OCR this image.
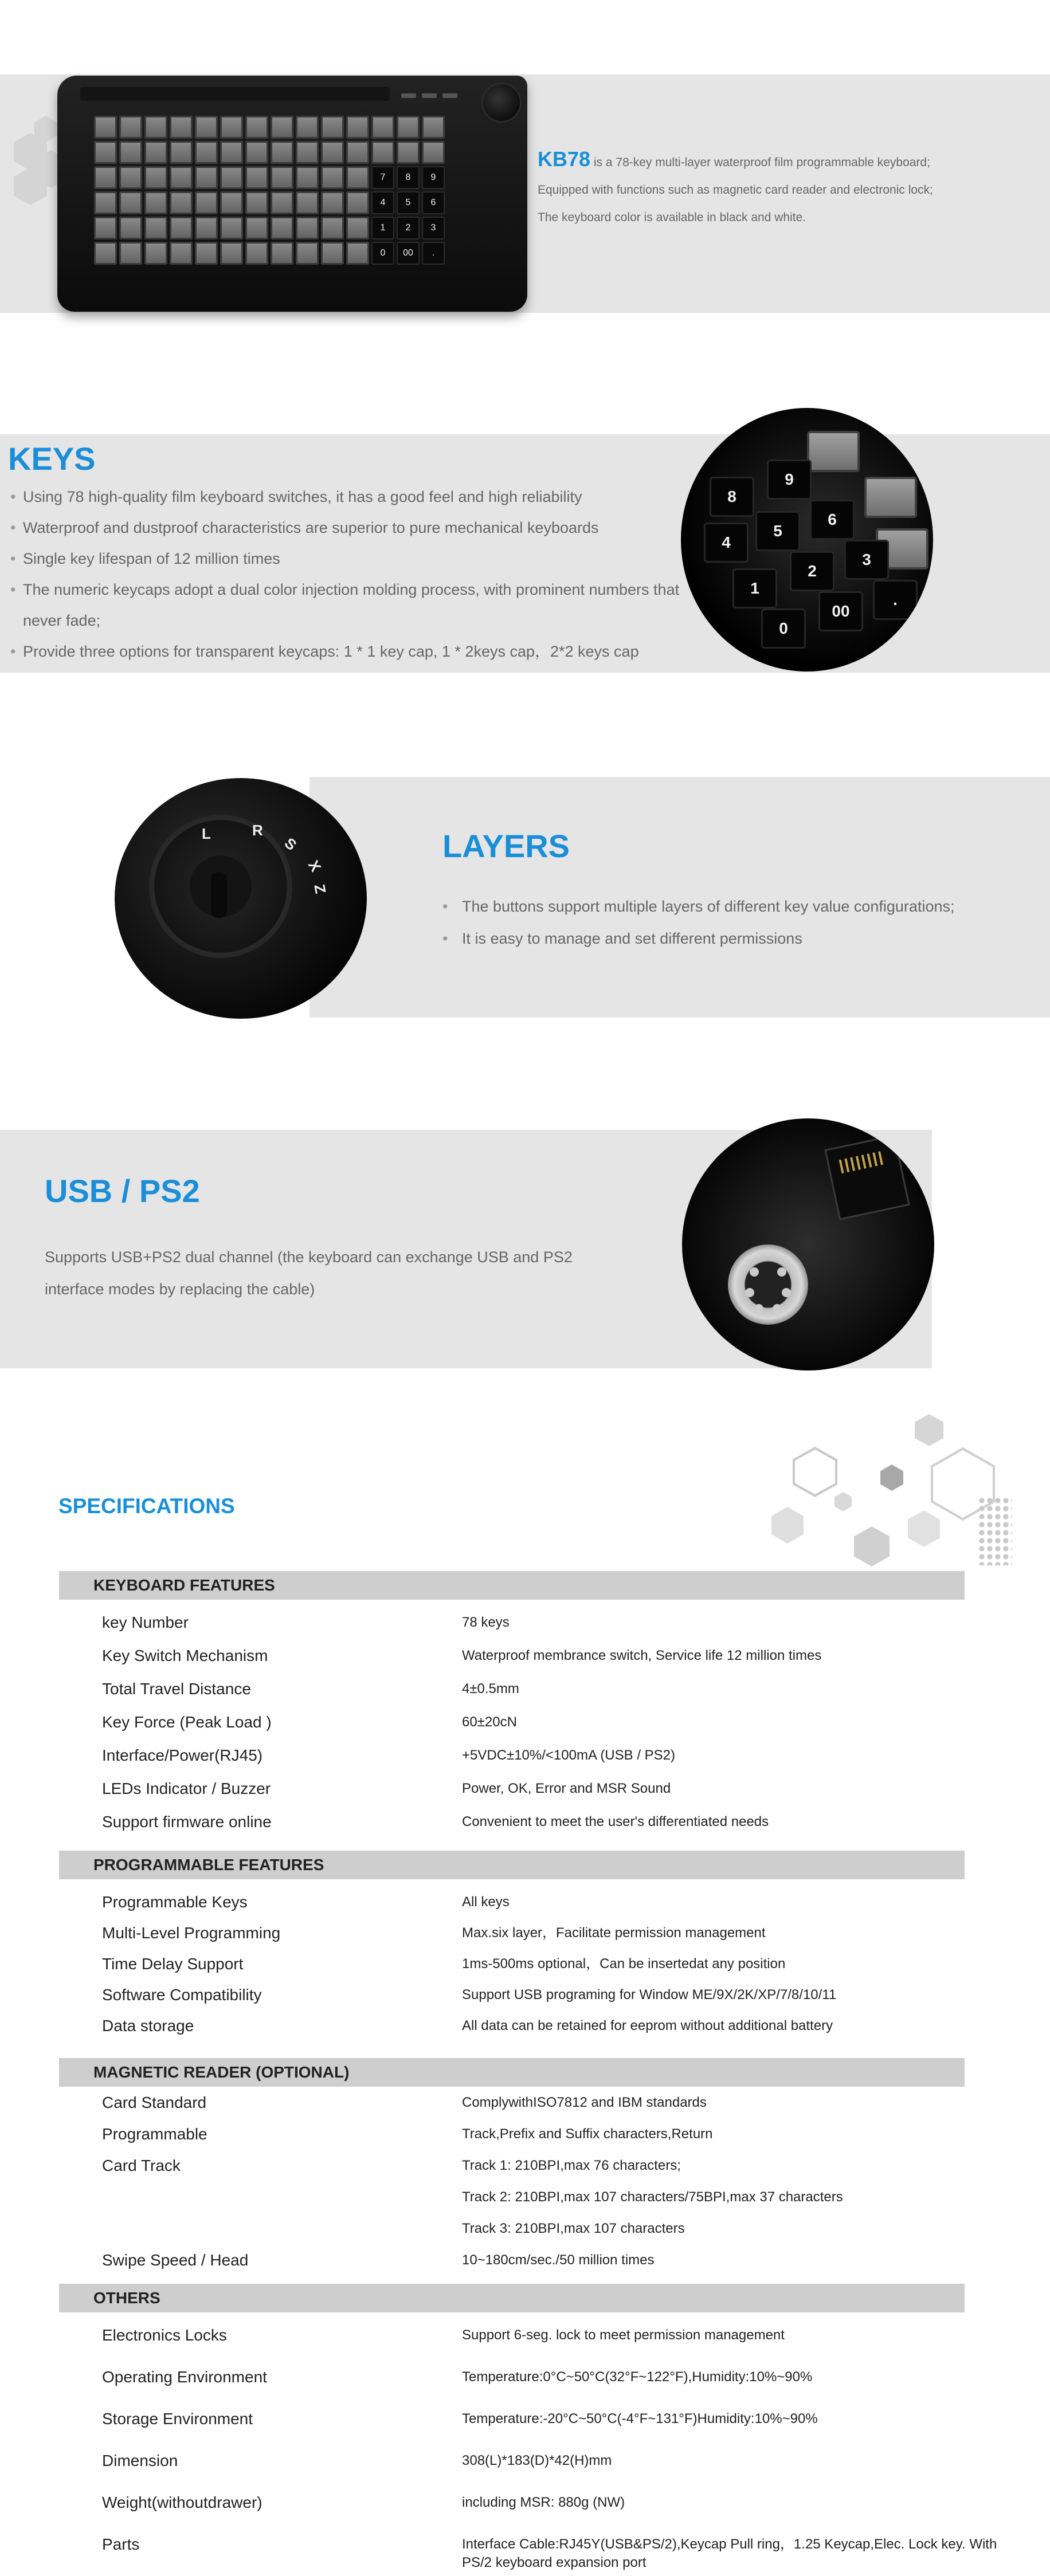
7	8	9
4	5	6
1	2	3
0	00	.
KB78 is a 78-key multi-layer waterproof film programmable keyboard;
Equipped with functions such as magnetic card reader and electronic lock;
The keyboard color is available in black and white.
KEYS
• Using 78 high-quality film keyboard switches, it has a good feel and high reliability
• Waterproof and dustproof characteristics are superior to pure mechanical keyboards
• Single key lifespan of 12 million times
• The numeric keycaps adopt a dual color injection molding process, with prominent numbers that never fade;
• Provide three options for transparent keycaps: 1 * 1 key cap, 1 * 2keys cap，2*2 keys cap
8
9
4
5
6
1
2
3
0
00
.
L	R
S
X
Z
LAYERS
• The buttons support multiple layers of different key value configurations;
• It is easy to manage and set different permissions
USB / PS2
Supports USB+PS2 dual channel (the keyboard can exchange USB and PS2 interface modes by replacing the cable)
SPECIFICATIONS
KEYBOARD FEATURES
key Number	78 keys
Key Switch Mechanism	Waterproof membrance switch, Service life 12 million times
Total Travel Distance	4±0.5mm
Key Force (Peak Load )	60±20cN
Interface/Power(RJ45)	+5VDC±10%/<100mA (USB / PS2)
LEDs Indicator / Buzzer	Power, OK, Error and MSR Sound
Support firmware online	Convenient to meet the user's differentiated needs
PROGRAMMABLE FEATURES
Programmable Keys	All keys
Multi-Level Programming	Max.six layer，Facilitate permission management
Time Delay Support	1ms-500ms optional，Can be insertedat any position
Software Compatibility	Support USB programing for Window ME/9X/2K/XP/7/8/10/11
Data storage	All data can be retained for eeprom without additional battery
MAGNETIC READER (OPTIONAL)
Card Standard	ComplywithISO7812 and IBM standards
Programmable	Track,Prefix and Suffix characters,Return
Card Track	Track 1: 210BPI,max 76 characters;
Track 2: 210BPI,max 107 characters/75BPI,max 37 characters
Track 3: 210BPI,max 107 characters
Swipe Speed / Head	10~180cm/sec./50 million times
OTHERS
Electronics Locks	Support 6-seg. lock to meet permission management
Operating Environment	Temperature:0°C~50°C(32°F~122°F),Humidity:10%~90%
Storage Environment	Temperature:-20°C~50°C(-4°F~131°F)Humidity:10%~90%
Dimension	308(L)*183(D)*42(H)mm
Weight(withoutdrawer)	including MSR: 880g (NW)
Parts	Interface Cable:RJ45Y(USB&PS/2),Keycap Pull ring，1.25 Keycap,Elec. Lock key. With PS/2 keyboard expansion port
